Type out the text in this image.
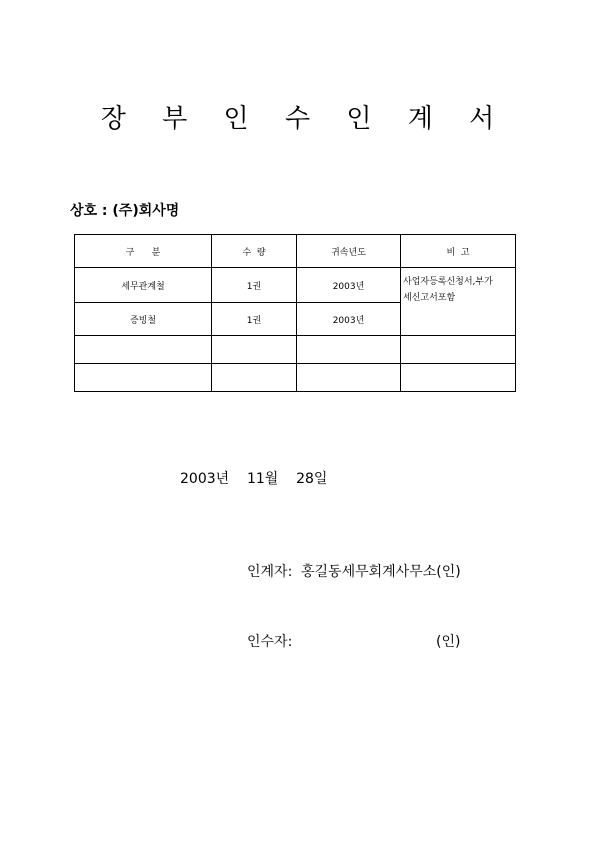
장 부 인 수 인 계 서
상호 : (주)회사명
구      분	수  량	귀속년도	비  고
세무관계철	1권	2003년	사업자등록신청서,부가
세신고서포함
증빙철	1권	2003년	

2003년    11월    28일
인계자: 홍길동세무회계사무소(인)
인수자:	(인)
